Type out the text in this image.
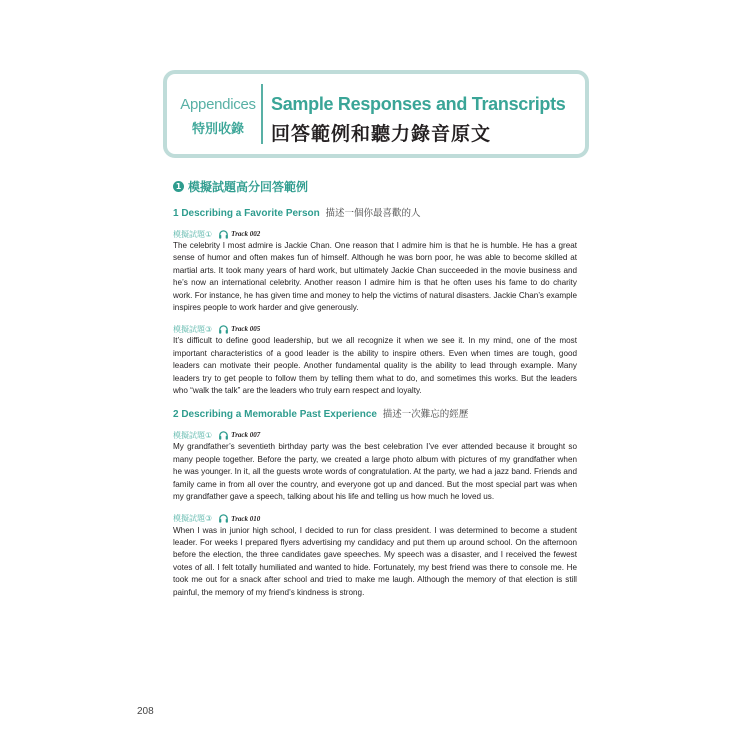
Appendices
特別收錄
Sample Responses and Transcripts
回答範例和聽力錄音原文
1 模擬試題高分回答範例
1 Describing a Favorite Person 描述一個你最喜歡的人
模擬試題①	Track 002

The celebrity I most admire is Jackie Chan. One reason that I admire him is that he is humble. He has a great sense of humor and often makes fun of himself. Although he was born poor, he was able to become skilled at martial arts. It took many years of hard work, but ultimately Jackie Chan succeeded in the movie business and he’s now an international celebrity. Another reason I admire him is that he often uses his fame to do charity work. For instance, he has given time and money to help the victims of natural disasters. Jackie Chan’s example inspires people to work harder and give generously.

模擬試題③	Track 005

It’s difficult to define good leadership, but we all recognize it when we see it. In my mind, one of the most important characteristics of a good leader is the ability to inspire others. Even when times are tough, good leaders can motivate their people. Another fundamental quality is the ability to lead through example. Many leaders try to get people to follow them by telling them what to do, and sometimes this works. But the leaders who “walk the talk” are the leaders who truly earn respect and loyalty.

2 Describing a Memorable Past Experience 描述一次難忘的經歷
模擬試題①	Track 007

My grandfather’s seventieth birthday party was the best celebration I’ve ever attended because it brought so many people together. Before the party, we created a large photo album with pictures of my grandfather when he was younger. In it, all the guests wrote words of congratulation. At the party, we had a jazz band. Friends and family came in from all over the country, and everyone got up and danced. But the most special part was when my grandfather gave a speech, talking about his life and telling us how much he loved us.

模擬試題③	Track 010

When I was in junior high school, I decided to run for class president. I was determined to become a student leader. For weeks I prepared flyers advertising my candidacy and put them up around school. On the afternoon before the election, the three candidates gave speeches. My speech was a disaster, and I received the fewest votes of all. I felt totally humiliated and wanted to hide. Fortunately, my best friend was there to console me. He took me out for a snack after school and tried to make me laugh. Although the memory of that election is still painful, the memory of my friend’s kindness is strong.

208
